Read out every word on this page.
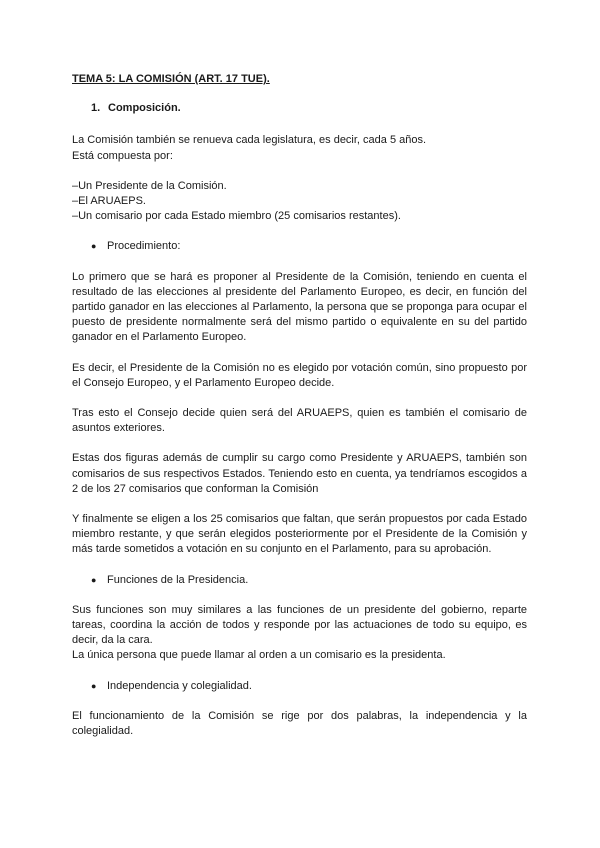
TEMA 5: LA COMISIÓN (ART. 17 TUE).
1. Composición.

La Comisión también se renueva cada legislatura, es decir, cada 5 años.
Está compuesta por:

–Un Presidente de la Comisión.
–El ARUAEPS.
–Un comisario por cada Estado miembro (25 comisarios restantes).

● Procedimiento:

Lo primero que se hará es proponer al Presidente de la Comisión, teniendo en cuenta el resultado de las elecciones al presidente del Parlamento Europeo, es decir, en función del partido ganador en las elecciones al Parlamento, la persona que se proponga para ocupar el puesto de presidente normalmente será del mismo partido o equivalente en su del partido ganador en el Parlamento Europeo.

Es decir, el Presidente de la Comisión no es elegido por votación común, sino propuesto por el Consejo Europeo, y el Parlamento Europeo decide.

Tras esto el Consejo decide quien será del ARUAEPS, quien es también el comisario de asuntos exteriores.

Estas dos figuras además de cumplir su cargo como Presidente y ARUAEPS, también son comisarios de sus respectivos Estados. Teniendo esto en cuenta, ya tendríamos escogidos a 2 de los 27 comisarios que conforman la Comisión

Y finalmente se eligen a los 25 comisarios que faltan, que serán propuestos por cada Estado miembro restante, y que serán elegidos posteriormente por el Presidente de la Comisión y más tarde sometidos a votación en su conjunto en el Parlamento, para su aprobación.

● Funciones de la Presidencia.

Sus funciones son muy similares a las funciones de un presidente del gobierno, reparte tareas, coordina la acción de todos y responde por las actuaciones de todo su equipo, es decir, da la cara.
La única persona que puede llamar al orden a un comisario es la presidenta.

● Independencia y colegialidad.

El funcionamiento de la Comisión se rige por dos palabras, la independencia y la colegialidad.
